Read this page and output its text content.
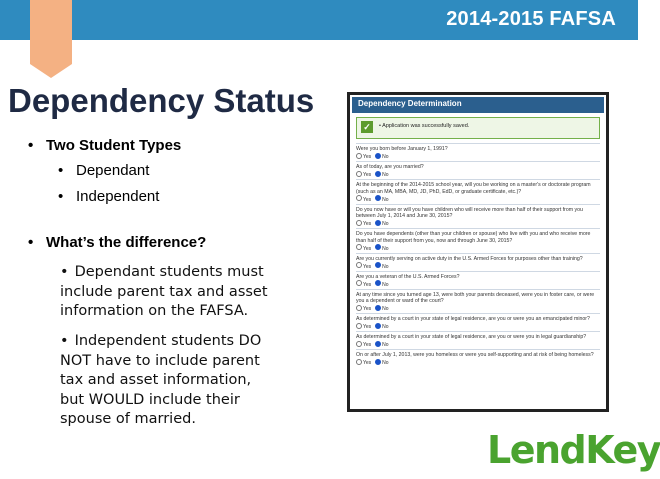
2014-2015 FAFSA
Dependency Status
• Two Student Types
• Dependant
• Independent
• What’s the difference?
• Dependant students must include parent tax and asset information on the FAFSA.
• Independent students DO NOT have to include parent tax and asset information, but WOULD include their spouse of married.
Dependency Determination
✓	• Application was successfully saved.
Were you born before January 1, 1991?
Yes No
As of today, are you married?
Yes No
At the beginning of the 2014-2015 school year, will you be working on a master's or doctorate program (such as an MA, MBA, MD, JD, PhD, EdD, or graduate certificate, etc.)?
Yes No
Do you now have or will you have children who will receive more than half of their support from you between July 1, 2014 and June 30, 2015?
Yes No
Do you have dependents (other than your children or spouse) who live with you and who receive more than half of their support from you, now and through June 30, 2015?
Yes No
Are you currently serving on active duty in the U.S. Armed Forces for purposes other than training?
Yes No
Are you a veteran of the U.S. Armed Forces?
Yes No
At any time since you turned age 13, were both your parents deceased, were you in foster care, or were you a dependent or ward of the court?
Yes No
As determined by a court in your state of legal residence, are you or were you an emancipated minor?
Yes No
As determined by a court in your state of legal residence, are you or were you in legal guardianship?
Yes No
On or after July 1, 2013, were you homeless or were you self-supporting and at risk of being homeless?
Yes No
LendKey
